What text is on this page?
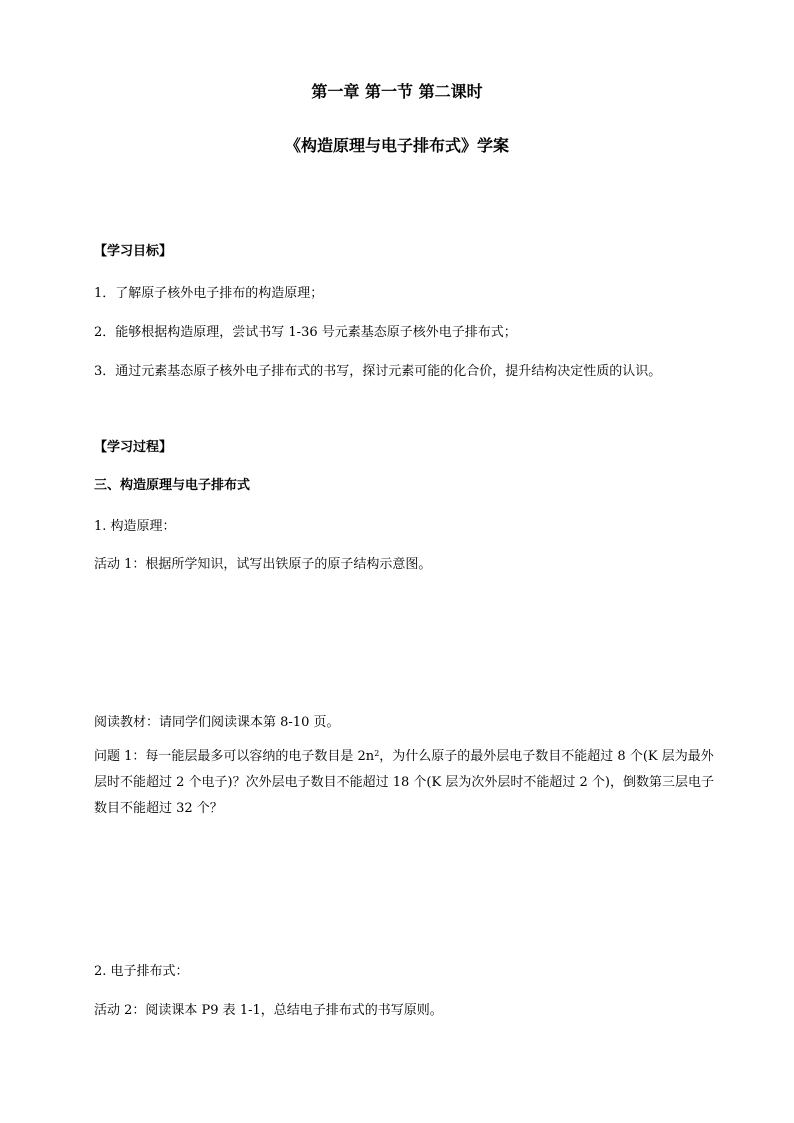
第一章 第一节 第二课时
《构造原理与电子排布式》学案
【学习目标】
1．了解原子核外电子排布的构造原理；
2．能够根据构造原理，尝试书写 1-36 号元素基态原子核外电子排布式；
3．通过元素基态原子核外电子排布式的书写，探讨元素可能的化合价，提升结构决定性质的认识。
【学习过程】
三、构造原理与电子排布式
1. 构造原理：
活动 1：根据所学知识，试写出铁原子的原子结构示意图。
阅读教材：请同学们阅读课本第 8-10 页。
问题 1：每一能层最多可以容纳的电子数目是 $2n^2$，为什么原子的最外层电子数目不能超过 8 个(K 层为最外层时不能超过 2 个电子)？次外层电子数目不能超过 18 个(K 层为次外层时不能超过 2 个)，倒数第三层电子数目不能超过 32 个？
2. 电子排布式：
活动 2：阅读课本 P9 表 1-1，总结电子排布式的书写原则。
